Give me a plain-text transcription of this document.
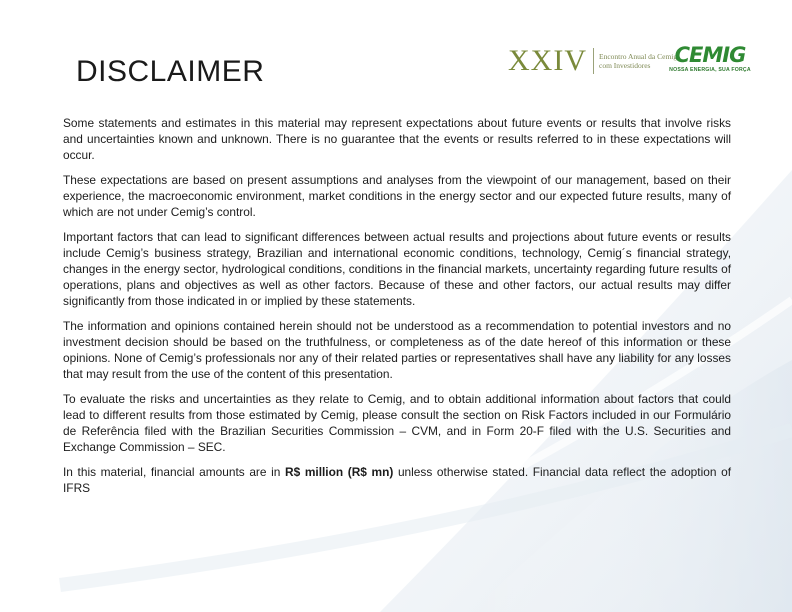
DISCLAIMER	XXIV Encontro Anual da Cemig
com Investidores	CEMIG
NOSSA ENERGIA, SUA FORÇA

Some statements and estimates in this material may represent expectations about future events or results that involve risks and uncertainties known and unknown. There is no guarantee that the events or results referred to in these expectations will occur.

These expectations are based on present assumptions and analyses from the viewpoint of our management, based on their experience, the macroeconomic environment, market conditions in the energy sector and our expected future results, many of which are not under Cemig’s control.

Important factors that can lead to significant differences between actual results and projections about future events or results include Cemig’s business strategy, Brazilian and international economic conditions, technology, Cemig´s financial strategy, changes in the energy sector, hydrological conditions, conditions in the financial markets, uncertainty regarding future results of operations, plans and objectives as well as other factors. Because of these and other factors, our actual results may differ significantly from those indicated in or implied by these statements.

The information and opinions contained herein should not be understood as a recommendation to potential investors and no investment decision should be based on the truthfulness, or completeness as of the date hereof of this information or these opinions. None of Cemig’s professionals nor any of their related parties or representatives shall have any liability for any losses that may result from the use of the content of this presentation.

To evaluate the risks and uncertainties as they relate to Cemig, and to obtain additional information about factors that could lead to different results from those estimated by Cemig, please consult the section on Risk Factors included in our Formulário de Referência filed with the Brazilian Securities Commission – CVM, and in Form 20-F filed with the U.S. Securities and Exchange Commission – SEC.

In this material, financial amounts are in R$ million (R$ mn) unless otherwise stated. Financial data reflect the adoption of IFRS
